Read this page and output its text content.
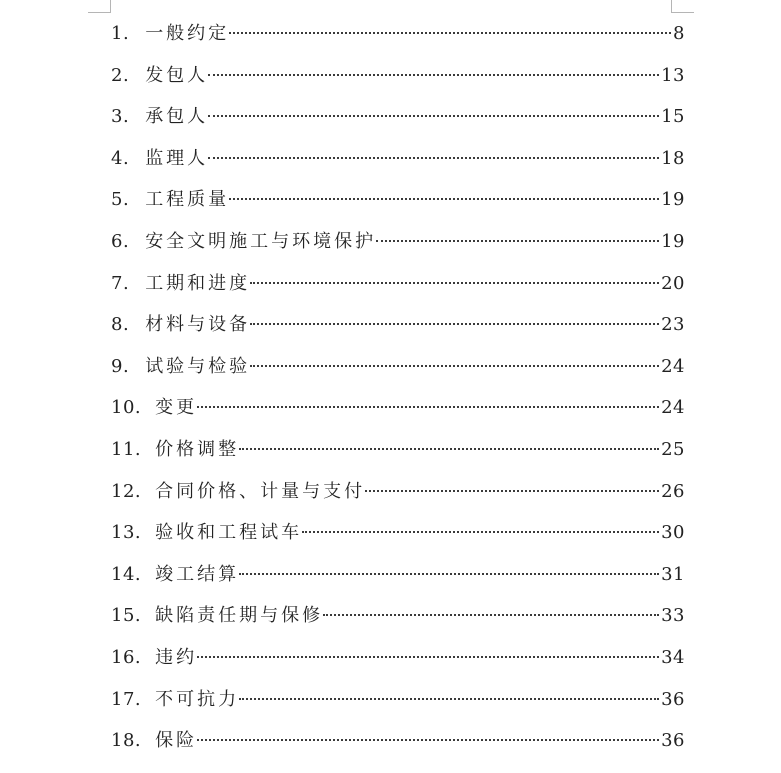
1. 一般约定	8
2. 发包人	13
3. 承包人	15
4. 监理人	18
5. 工程质量	19
6. 安全文明施工与环境保护	19
7. 工期和进度	20
8. 材料与设备	23
9. 试验与检验	24
10. 变更	24
11. 价格调整	25
12. 合同价格、计量与支付	26
13. 验收和工程试车	30
14. 竣工结算	31
15. 缺陷责任期与保修	33
16. 违约	34
17. 不可抗力	36
18. 保险	36
